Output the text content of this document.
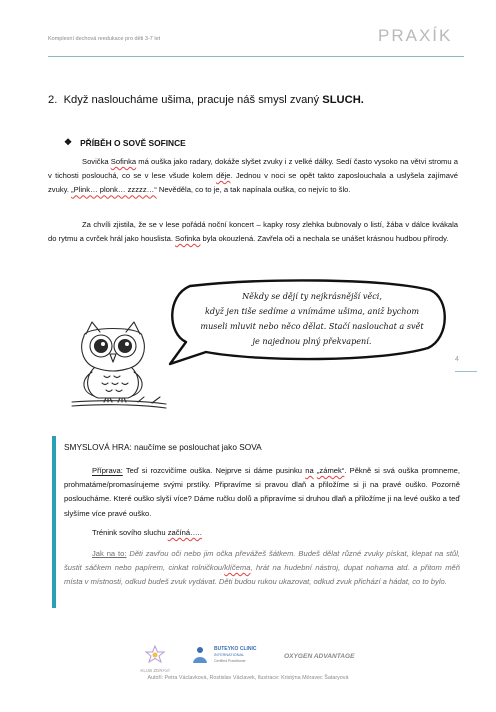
Komplexní dechová reedukace pro děti 3-7 let	PRAXÍK
2. Když nasloucháme ušima, pracuje náš smysl zvaný SLUCH.
❖ PŘÍBĚH O SOVĚ SOFINCE
Sovička Sofinka má ouška jako radary, dokáže slyšet zvuky i z velké dálky. Sedí často vysoko na větvi stromu a v tichosti poslouchá, co se v lese všude kolem děje. Jednou v noci se opět takto zaposlouchala a uslyšela zajímavé zvuky. „Plink… plonk… zzzzz…“ Nevěděla, co to je, a tak napínala ouška, co nejvíc to šlo.
Za chvíli zjistila, že se v lese pořádá noční koncert – kapky rosy zlehka bubnovaly o listí, žába v dálce kvákala do rytmu a cvrček hrál jako houslista. Sofinka byla okouzlená. Zavřela oči a nechala se unášet krásnou hudbou přírody.
Někdy se dějí ty nejkrásnější věci,
když jen tiše sedíme a vnímáme ušima, aniž bychom
museli mluvit nebo něco dělat. Stačí naslouchat a svět
je najednou plný překvapení.
4
SMYSLOVÁ HRA: naučíme se poslouchat jako SOVA
Příprava: Teď si rozcvičíme ouška. Nejprve si dáme pusinku na „zámek“. Pěkně si svá ouška promneme, prohmatáme/promasírujeme svými prstíky. Připravíme si pravou dlaň a přiložíme si ji na pravé ouško. Pozorně posloucháme. Které ouško slyší více? Dáme ručku dolů a připravíme si druhou dlaň a přiložíme ji na levé ouško a teď slyšíme více pravé ouško.
Trénink sovího sluchu začíná…..
Jak na to: Děti zavřou oči nebo jim očka převážeš šátkem. Budeš dělat různé zvuky pískat, klepat na stůl, šustit sáčkem nebo papírem, cinkat rolničkou/klíčema, hrát na hudební nástroj, dupat nohama atd. a přitom měň místa v místnosti, odkud budeš zvuk vydávat. Děti budou rukou ukazovat, odkud zvuk přichází a hádat, co to bylo.
KLUB ZDRAVÍ
BUTEYKO CLINIC
INTERNATIONAL
Certified Practitioner
OXYGEN ADVANTAGE
Autoři: Petra Václavková, Rostislav Václavek, Ilustrace: Kristýna Móravec Šataryová
